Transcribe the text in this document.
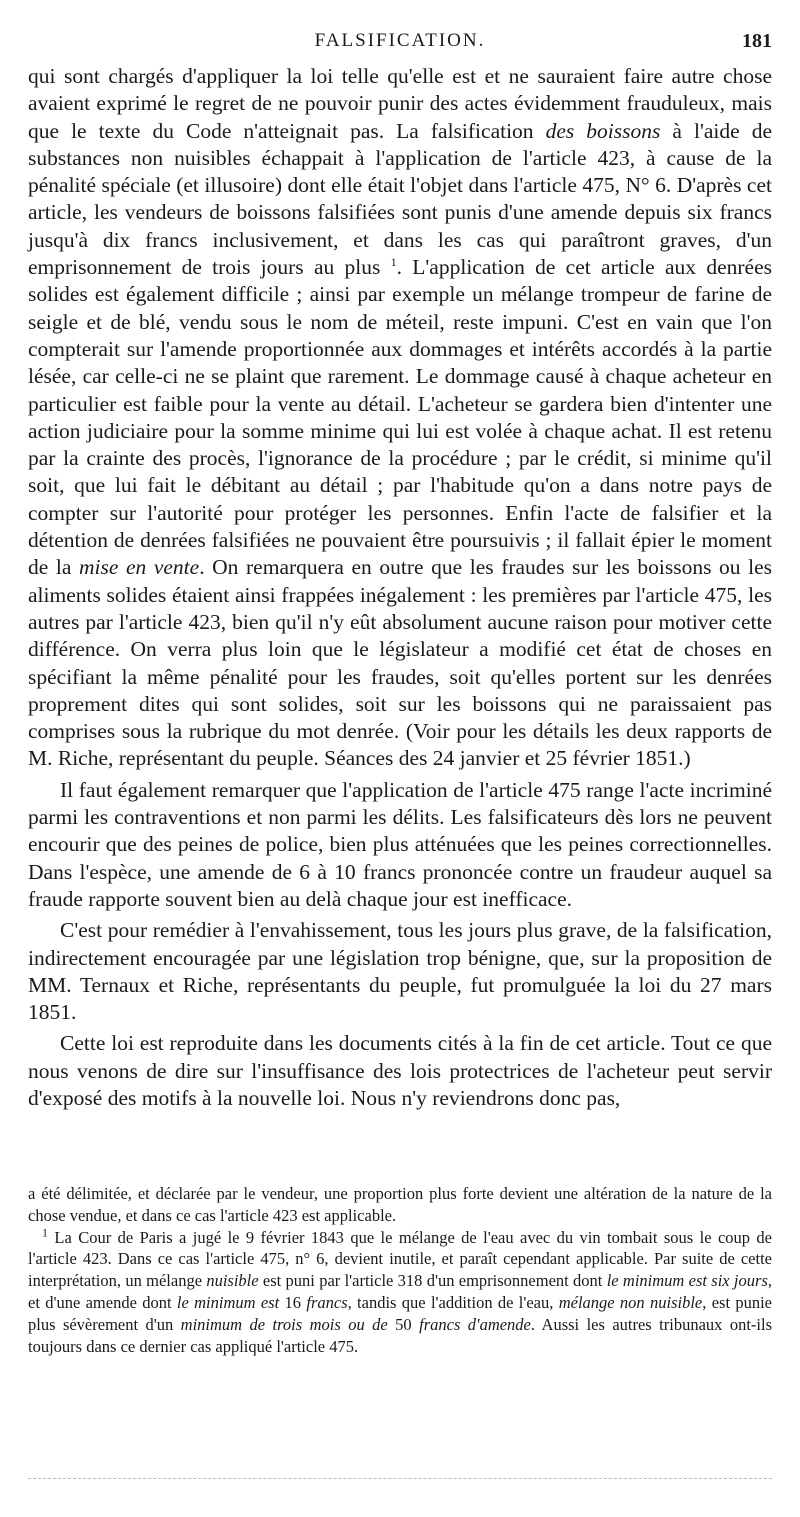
FALSIFICATION.	181

qui sont chargés d'appliquer la loi telle qu'elle est et ne sauraient faire autre chose avaient exprimé le regret de ne pouvoir punir des actes évidemment frauduleux, mais que le texte du Code n'atteignait pas. La falsification des boissons à l'aide de substances non nuisibles échappait à l'application de l'article 423, à cause de la pénalité spéciale (et illusoire) dont elle était l'objet dans l'article 475, N° 6. D'après cet article, les vendeurs de boissons falsifiées sont punis d'une amende depuis six francs jusqu'à dix francs inclusivement, et dans les cas qui paraîtront graves, d'un emprisonnement de trois jours au plus $^1$. L'application de cet article aux denrées solides est également difficile ; ainsi par exemple un mélange trompeur de farine de seigle et de blé, vendu sous le nom de méteil, reste impuni. C'est en vain que l'on compterait sur l'amende proportionnée aux dommages et intérêts accordés à la partie lésée, car celle-ci ne se plaint que rarement. Le dommage causé à chaque acheteur en particulier est faible pour la vente au détail. L'acheteur se gardera bien d'intenter une action judiciaire pour la somme minime qui lui est volée à chaque achat. Il est retenu par la crainte des procès, l'ignorance de la procédure ; par le crédit, si minime qu'il soit, que lui fait le débitant au détail ; par l'habitude qu'on a dans notre pays de compter sur l'autorité pour protéger les personnes. Enfin l'acte de falsifier et la détention de denrées falsifiées ne pouvaient être poursuivis ; il fallait épier le moment de la mise en vente. On remarquera en outre que les fraudes sur les boissons ou les aliments solides étaient ainsi frappées inégalement : les premières par l'article 475, les autres par l'article 423, bien qu'il n'y eût absolument aucune raison pour motiver cette différence. On verra plus loin que le législateur a modifié cet état de choses en spécifiant la même pénalité pour les fraudes, soit qu'elles portent sur les denrées proprement dites qui sont solides, soit sur les boissons qui ne paraissaient pas comprises sous la rubrique du mot denrée. (Voir pour les détails les deux rapports de M. Riche, représentant du peuple. Séances des 24 janvier et 25 février 1851.)

Il faut également remarquer que l'application de l'article 475 range l'acte incriminé parmi les contraventions et non parmi les délits. Les falsificateurs dès lors ne peuvent encourir que des peines de police, bien plus atténuées que les peines correctionnelles. Dans l'espèce, une amende de 6 à 10 francs prononcée contre un fraudeur auquel sa fraude rapporte souvent bien au delà chaque jour est inefficace.

C'est pour remédier à l'envahissement, tous les jours plus grave, de la falsification, indirectement encouragée par une législation trop bénigne, que, sur la proposition de MM. Ternaux et Riche, représentants du peuple, fut promulguée la loi du 27 mars 1851.

Cette loi est reproduite dans les documents cités à la fin de cet article. Tout ce que nous venons de dire sur l'insuffisance des lois protectrices de l'acheteur peut servir d'exposé des motifs à la nouvelle loi. Nous n'y reviendrons donc pas,

a été délimitée, et déclarée par le vendeur, une proportion plus forte devient une altération de la nature de la chose vendue, et dans ce cas l'article 423 est applicable.

$^1$ La Cour de Paris a jugé le 9 février 1843 que le mélange de l'eau avec du vin tombait sous le coup de l'article 423. Dans ce cas l'article 475, n° 6, devient inutile, et paraît cependant applicable. Par suite de cette interprétation, un mélange nuisible est puni par l'article 318 d'un emprisonnement dont le minimum est six jours, et d'une amende dont le minimum est 16 francs, tandis que l'addition de l'eau, mélange non nuisible, est punie plus sévèrement d'un minimum de trois mois ou de 50 francs d'amende. Aussi les autres tribunaux ont-ils toujours dans ce dernier cas appliqué l'article 475.
